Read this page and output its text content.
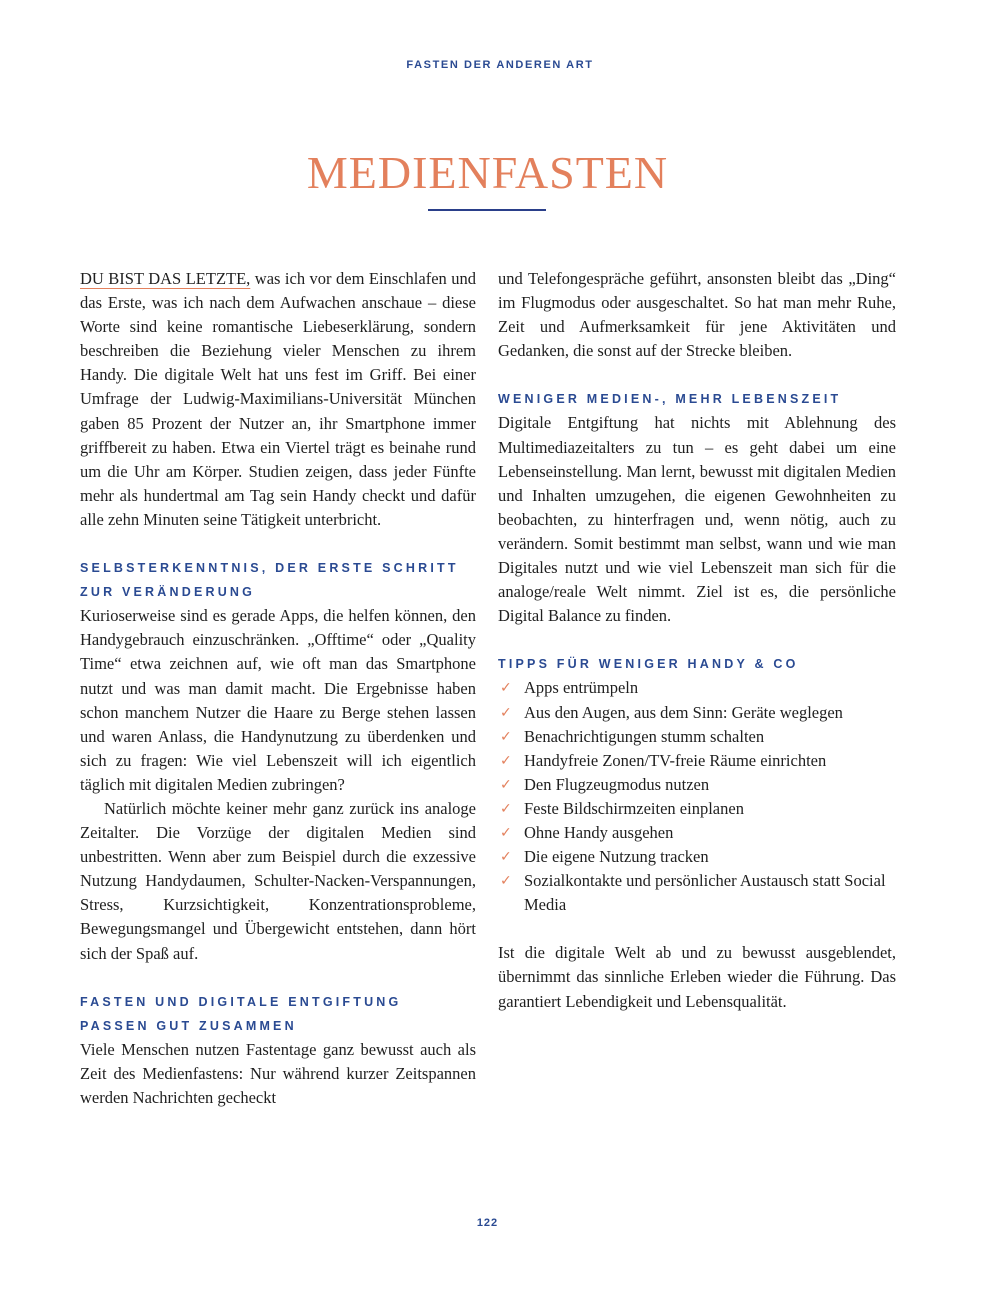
FASTEN DER ANDEREN ART
MEDIENFASTEN

DU BIST DAS LETZTE, was ich vor dem Einschlafen und das Erste, was ich nach dem Aufwachen anschaue – diese Worte sind keine romantische Liebeserklärung, sondern beschreiben die Beziehung vieler Menschen zu ihrem Handy. Die digitale Welt hat uns fest im Griff. Bei einer Umfrage der Ludwig-Maximilians-Universität München gaben 85 Prozent der Nutzer an, ihr Smartphone immer griffbereit zu haben. Etwa ein Viertel trägt es beinahe rund um die Uhr am Körper. Studien zeigen, dass jeder Fünfte mehr als hundertmal am Tag sein Handy checkt und dafür alle zehn Minuten seine Tätigkeit unterbricht.

SELBSTERKENNTNIS, DER ERSTE SCHRITT ZUR VERÄNDERUNG

Kurioserweise sind es gerade Apps, die helfen können, den Handygebrauch einzuschränken. „Offtime“ oder „Quality Time“ etwa zeichnen auf, wie oft man das Smartphone nutzt und was man damit macht. Die Ergebnisse haben schon manchem Nutzer die Haare zu Berge stehen lassen und waren Anlass, die Handynutzung zu überdenken und sich zu fragen: Wie viel Lebenszeit will ich eigentlich täglich mit digitalen Medien zubringen?

Natürlich möchte keiner mehr ganz zurück ins analoge Zeitalter. Die Vorzüge der digitalen Medien sind unbestritten. Wenn aber zum Beispiel durch die exzessive Nutzung Handydaumen, Schulter-Nacken-Verspannungen, Stress, Kurzsichtigkeit, Konzentrationsprobleme, Bewegungsmangel und Übergewicht entstehen, dann hört sich der Spaß auf.

FASTEN UND DIGITALE ENTGIFTUNG PASSEN GUT ZUSAMMEN

Viele Menschen nutzen Fastentage ganz bewusst auch als Zeit des Medienfastens: Nur während kurzer Zeitspannen werden Nachrichten gecheckt

und Telefongespräche geführt, ansonsten bleibt das „Ding“ im Flugmodus oder ausgeschaltet. So hat man mehr Ruhe, Zeit und Aufmerksamkeit für jene Aktivitäten und Gedanken, die sonst auf der Strecke bleiben.

WENIGER MEDIEN-, MEHR LEBENSZEIT

Digitale Entgiftung hat nichts mit Ablehnung des Multimediazeitalters zu tun – es geht dabei um eine Lebenseinstellung. Man lernt, bewusst mit digitalen Medien und Inhalten umzugehen, die eigenen Gewohnheiten zu beobachten, zu hinterfragen und, wenn nötig, auch zu verändern. Somit bestimmt man selbst, wann und wie man Digitales nutzt und wie viel Lebenszeit man sich für die analoge/reale Welt nimmt. Ziel ist es, die persönliche Digital Balance zu finden.

TIPPS FÜR WENIGER HANDY & CO

✓ Apps entrümpeln
✓ Aus den Augen, aus dem Sinn: Geräte weglegen
✓ Benachrichtigungen stumm schalten
✓ Handyfreie Zonen/TV-freie Räume einrichten
✓ Den Flugzeugmodus nutzen
✓ Feste Bildschirmzeiten einplanen
✓ Ohne Handy ausgehen
✓ Die eigene Nutzung tracken
✓ Sozialkontakte und persönlicher Austausch statt Social Media

Ist die digitale Welt ab und zu bewusst ausgeblendet, übernimmt das sinnliche Erleben wieder die Führung. Das garantiert Lebendigkeit und Lebensqualität.

122
